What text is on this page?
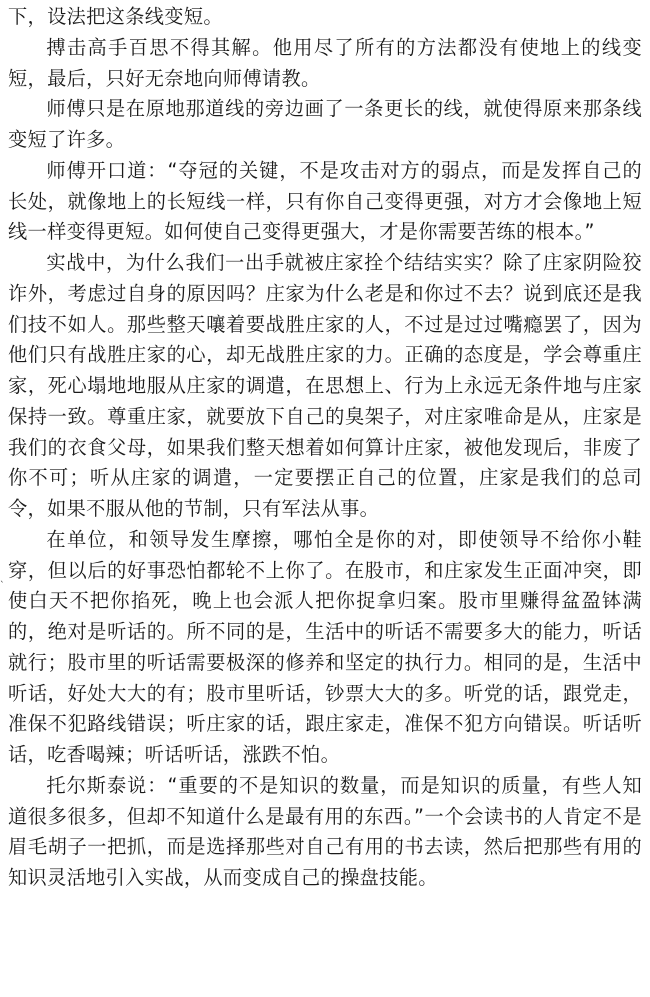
下，设法把这条线变短。

搏击高手百思不得其解。他用尽了所有的方法都没有使地上的线变短，最后，只好无奈地向师傅请教。

师傅只是在原地那道线的旁边画了一条更长的线，就使得原来那条线变短了许多。

师傅开口道：“夺冠的关键，不是攻击对方的弱点，而是发挥自己的长处，就像地上的长短线一样，只有你自己变得更强，对方才会像地上短线一样变得更短。如何使自己变得更强大，才是你需要苦练的根本。”

实战中，为什么我们一出手就被庄家拴个结结实实？除了庄家阴险狡诈外，考虑过自身的原因吗？庄家为什么老是和你过不去？说到底还是我们技不如人。那些整天嚷着要战胜庄家的人，不过是过过嘴瘾罢了，因为他们只有战胜庄家的心，却无战胜庄家的力。正确的态度是，学会尊重庄家，死心塌地地服从庄家的调遣，在思想上、行为上永远无条件地与庄家保持一致。尊重庄家，就要放下自己的臭架子，对庄家唯命是从，庄家是我们的衣食父母，如果我们整天想着如何算计庄家，被他发现后，非废了你不可；听从庄家的调遣，一定要摆正自己的位置，庄家是我们的总司令，如果不服从他的节制，只有军法从事。

在单位，和领导发生摩擦，哪怕全是你的对，即使领导不给你小鞋穿，但以后的好事恐怕都轮不上你了。在股市，和庄家发生正面冲突，即使白天不把你掐死，晚上也会派人把你捉拿归案。股市里赚得盆盈钵满的，绝对是听话的。所不同的是，生活中的听话不需要多大的能力，听话就行；股市里的听话需要极深的修养和坚定的执行力。相同的是，生活中听话，好处大大的有；股市里听话，钞票大大的多。听党的话，跟党走，准保不犯路线错误；听庄家的话，跟庄家走，准保不犯方向错误。听话听话，吃香喝辣；听话听话，涨跌不怕。

托尔斯泰说：“重要的不是知识的数量，而是知识的质量，有些人知道很多很多，但却不知道什么是最有用的东西。”一个会读书的人肯定不是眉毛胡子一把抓，而是选择那些对自己有用的书去读，然后把那些有用的知识灵活地引入实战，从而变成自己的操盘技能。

ˋ
